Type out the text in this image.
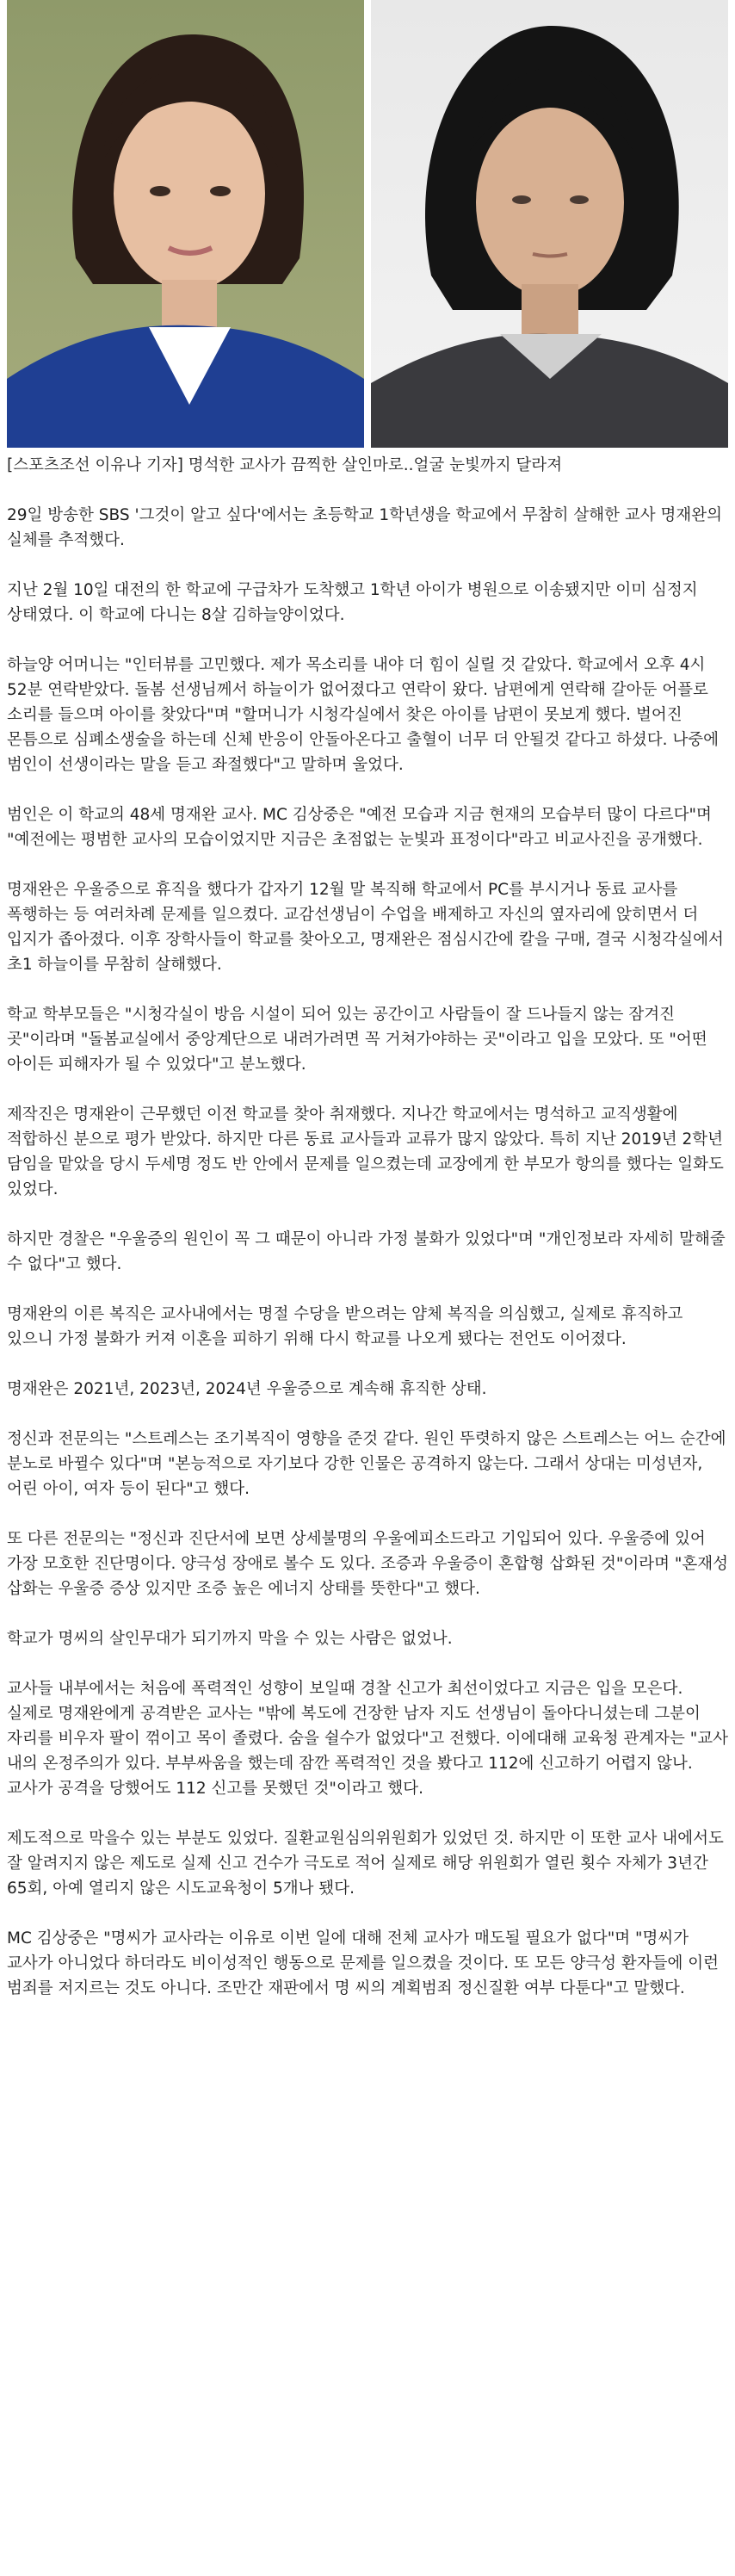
[스포츠조선 이유나 기자] 명석한 교사가 끔찍한 살인마로..얼굴 눈빛까지 달라져

29일 방송한 SBS '그것이 알고 싶다'에서는 초등학교 1학년생을 학교에서 무참히 살해한 교사 명재완의 실체를 추적했다.

지난 2월 10일 대전의 한 학교에 구급차가 도착했고 1학년 아이가 병원으로 이송됐지만 이미 심정지 상태였다. 이 학교에 다니는 8살 김하늘양이었다.

하늘양 어머니는 "인터뷰를 고민했다. 제가 목소리를 내야 더 힘이 실릴 것 같았다. 학교에서 오후 4시 52분 연락받았다. 돌봄 선생님께서 하늘이가 없어졌다고 연락이 왔다. 남편에게 연락해 갈아둔 어플로 소리를 들으며 아이를 찾았다"며 "할머니가 시청각실에서 찾은 아이를 남편이 못보게 했다. 벌어진 몬틈으로 심폐소생술을 하는데 신체 반응이 안돌아온다고 출혈이 너무 더 안될것 같다고 하셨다. 나중에 범인이 선생이라는 말을 듣고 좌절했다"고 말하며 울었다.

범인은 이 학교의 48세 명재완 교사. MC 김상중은 "예전 모습과 지금 현재의 모습부터 많이 다르다"며 "예전에는 평범한 교사의 모습이었지만 지금은 초점없는 눈빛과 표정이다"라고 비교사진을 공개했다.

명재완은 우울증으로 휴직을 했다가 갑자기 12월 말 복직해 학교에서 PC를 부시거나 동료 교사를 폭행하는 등 여러차례 문제를 일으켰다. 교감선생님이 수업을 배제하고 자신의 옆자리에 앉히면서 더 입지가 좁아졌다. 이후 장학사들이 학교를 찾아오고, 명재완은 점심시간에 칼을 구매, 결국 시청각실에서 초1 하늘이를 무참히 살해했다.

학교 학부모들은 "시청각실이 방음 시설이 되어 있는 공간이고 사람들이 잘 드나들지 않는 잠겨진 곳"이라며 "돌봄교실에서 중앙계단으로 내려가려면 꼭 거쳐가야하는 곳"이라고 입을 모았다. 또 "어떤 아이든 피해자가 될 수 있었다"고 분노했다.

제작진은 명재완이 근무했던 이전 학교를 찾아 취재했다. 지나간 학교에서는 명석하고 교직생활에 적합하신 분으로 평가 받았다. 하지만 다른 동료 교사들과 교류가 많지 않았다. 특히 지난 2019년 2학년 담임을 맡았을 당시 두세명 정도 반 안에서 문제를 일으켰는데 교장에게 한 부모가 항의를 했다는 일화도 있었다.

하지만 경찰은 "우울증의 원인이 꼭 그 때문이 아니라 가정 불화가 있었다"며 "개인정보라 자세히 말해줄 수 없다"고 했다.

명재완의 이른 복직은 교사내에서는 명절 수당을 받으려는 얌체 복직을 의심했고, 실제로 휴직하고 있으니 가정 불화가 커져 이혼을 피하기 위해 다시 학교를 나오게 됐다는 전언도 이어졌다.

명재완은 2021년, 2023년, 2024년 우울증으로 계속해 휴직한 상태.

정신과 전문의는 "스트레스는 조기복직이 영향을 준것 같다. 원인 뚜렷하지 않은 스트레스는 어느 순간에 분노로 바뀔수 있다"며 "본능적으로 자기보다 강한 인물은 공격하지 않는다. 그래서 상대는 미성년자, 어린 아이, 여자 등이 된다"고 했다.

또 다른 전문의는 "정신과 진단서에 보면 상세불명의 우울에피소드라고 기입되어 있다. 우울증에 있어 가장 모호한 진단명이다. 양극성 장애로 볼수 도 있다. 조증과 우울증이 혼합형 삽화된 것"이라며 "혼재성 삽화는 우울증 증상 있지만 조증 높은 에너지 상태를 뜻한다"고 했다.

학교가 명씨의 살인무대가 되기까지 막을 수 있는 사람은 없었나.

교사들 내부에서는 처음에 폭력적인 성향이 보일때 경찰 신고가 최선이었다고 지금은 입을 모은다. 실제로 명재완에게 공격받은 교사는 "밖에 복도에 건장한 남자 지도 선생님이 돌아다니셨는데 그분이 자리를 비우자 팔이 꺾이고 목이 졸렸다. 숨을 쉴수가 없었다"고 전했다. 이에대해 교육청 관계자는 "교사 내의 온정주의가 있다. 부부싸움을 했는데 잠깐 폭력적인 것을 봤다고 112에 신고하기 어렵지 않나. 교사가 공격을 당했어도 112 신고를 못했던 것"이라고 했다.

제도적으로 막을수 있는 부분도 있었다. 질환교원심의위원회가 있었던 것. 하지만 이 또한 교사 내에서도 잘 알려지지 않은 제도로 실제 신고 건수가 극도로 적어 실제로 해당 위원회가 열린 횟수 자체가 3년간 65회, 아예 열리지 않은 시도교육청이 5개나 됐다.

MC 김상중은 "명씨가 교사라는 이유로 이번 일에 대해 전체 교사가 매도될 필요가 없다"며 "명씨가 교사가 아니었다 하더라도 비이성적인 행동으로 문제를 일으켰을 것이다. 또 모든 양극성 환자들에 이런 범죄를 저지르는 것도 아니다. 조만간 재판에서 명 씨의 계획범죄 정신질환 여부 다툰다"고 말했다.
